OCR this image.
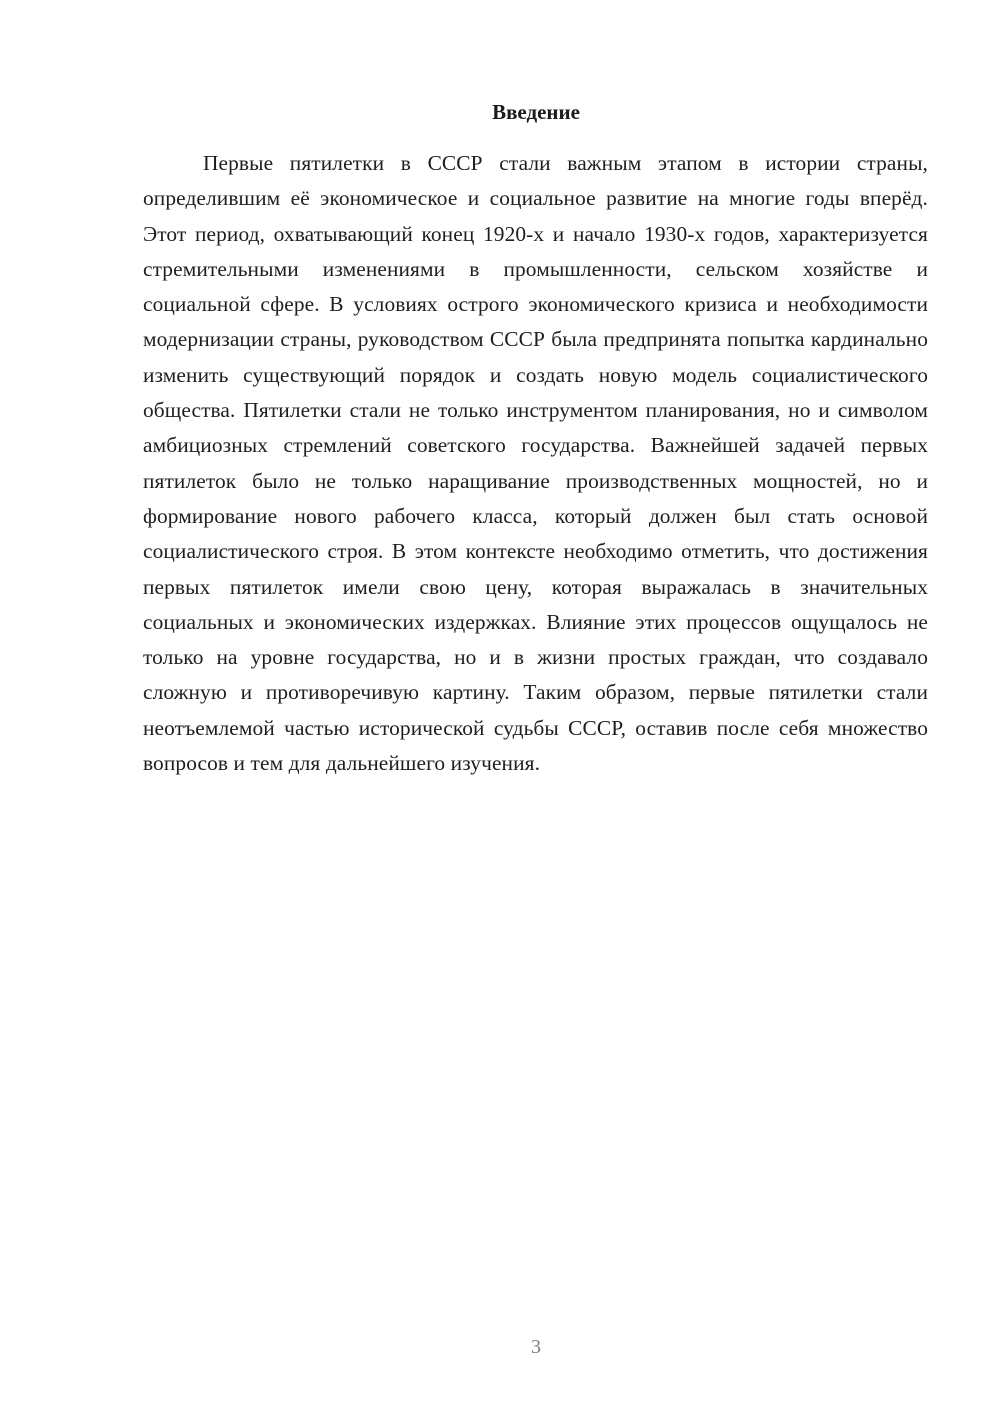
Введение

Первые пятилетки в СССР стали важным этапом в истории страны, определившим её экономическое и социальное развитие на многие годы вперёд. Этот период, охватывающий конец 1920-х и начало 1930-х годов, характеризуется стремительными изменениями в промышленности, сельском хозяйстве и социальной сфере. В условиях острого экономического кризиса и необходимости модернизации страны, руководством СССР была предпринята попытка кардинально изменить существующий порядок и создать новую модель социалистического общества. Пятилетки стали не только инструментом планирования, но и символом амбициозных стремлений советского государства. Важнейшей задачей первых пятилеток было не только наращивание производственных мощностей, но и формирование нового рабочего класса, который должен был стать основой социалистического строя. В этом контексте необходимо отметить, что достижения первых пятилеток имели свою цену, которая выражалась в значительных социальных и экономических издержках. Влияние этих процессов ощущалось не только на уровне государства, но и в жизни простых граждан, что создавало сложную и противоречивую картину. Таким образом, первые пятилетки стали неотъемлемой частью исторической судьбы СССР, оставив после себя множество вопросов и тем для дальнейшего изучения.

3
